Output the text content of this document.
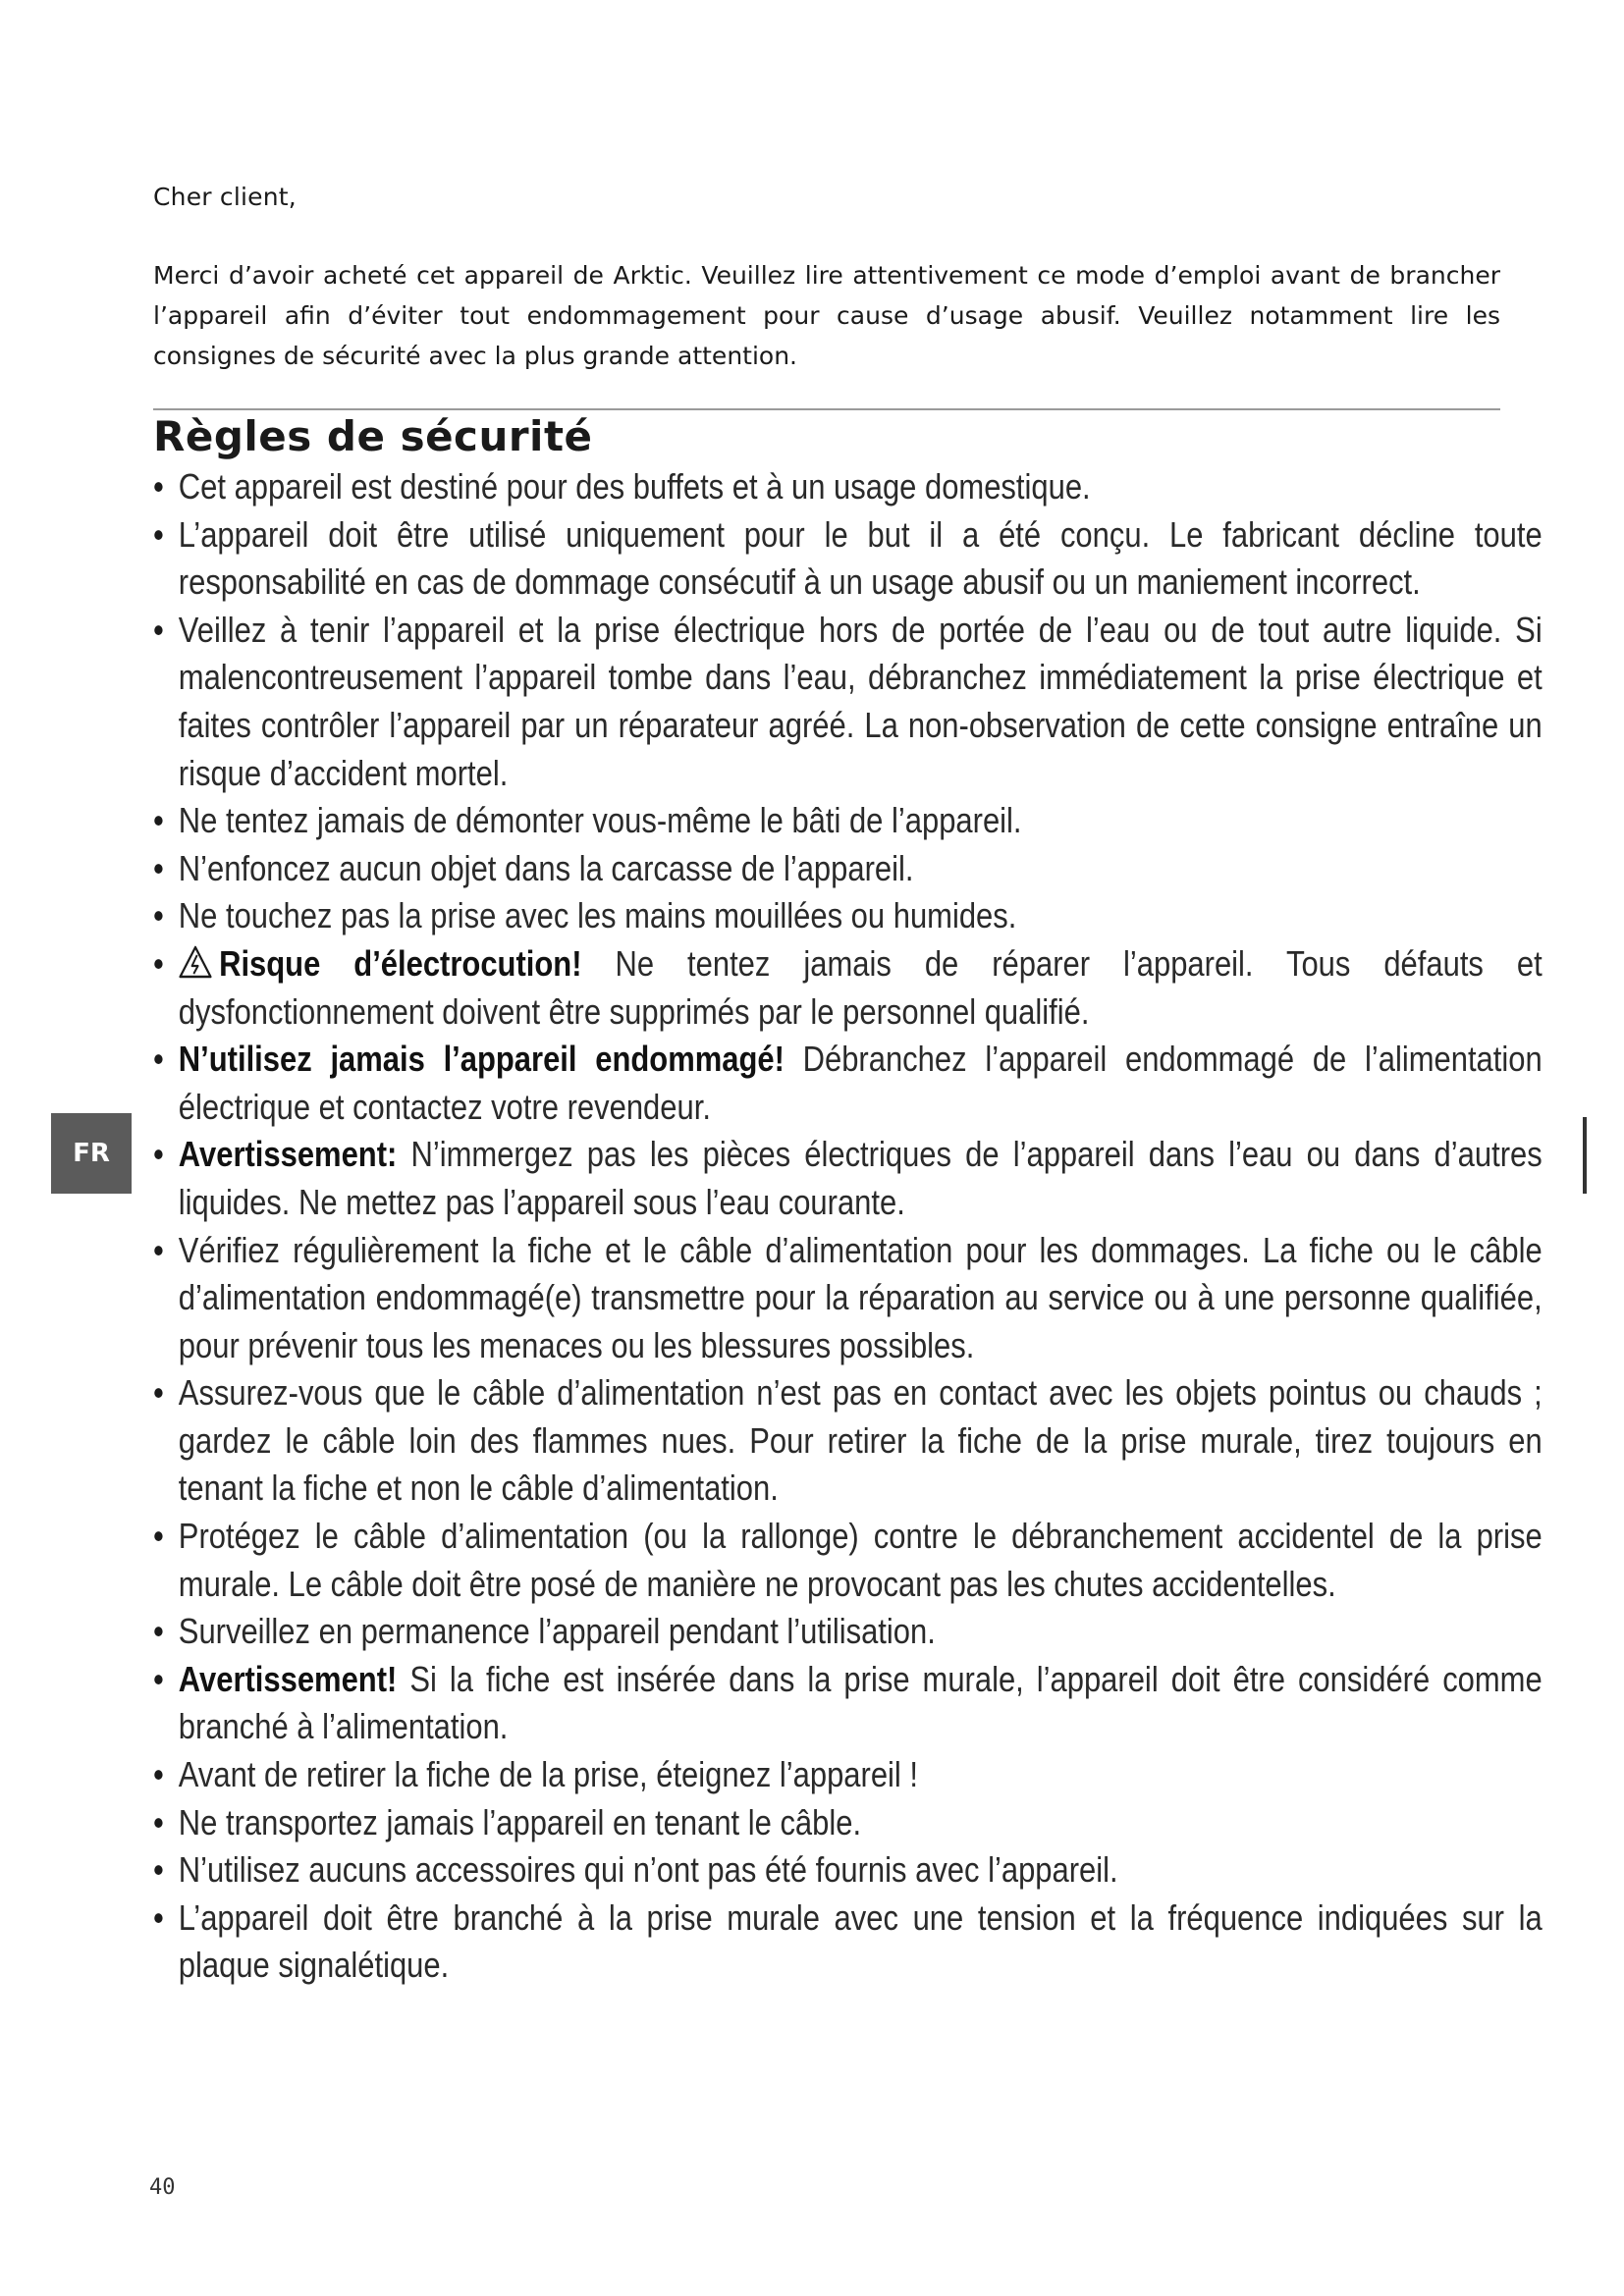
Cher client,

Merci d’avoir acheté cet appareil de Arktic. Veuillez lire attentivement ce mode d’emploi avant de brancher l’appareil afin d’éviter tout endommagement pour cause d’usage abusif. Veuillez notamment lire les consignes de sécurité avec la plus grande attention.

Règles de sécurité
• Cet appareil est destiné pour des buffets et à un usage domestique.
• L’appareil doit être utilisé uniquement pour le but il a été conçu. Le fabricant décline toute responsabilité en cas de dommage consécutif à un usage abusif ou un maniement incorrect.
• Veillez à tenir l’appareil et la prise électrique hors de portée de l’eau ou de tout autre liquide. Si malencontreusement l’appareil tombe dans l’eau, débranchez immédiatement la prise électrique et faites contrôler l’appareil par un réparateur agréé. La non-observation de cette consigne entraîne un risque d’accident mortel.
• Ne tentez jamais de démonter vous-même le bâti de l’appareil.
• N’enfoncez aucun objet dans la carcasse de l’appareil.
• Ne touchez pas la prise avec les mains mouillées ou humides.
• Risque d’électrocution! Ne tentez jamais de réparer l’appareil. Tous défauts et dysfonctionnement doivent être supprimés par le personnel qualifié.
• N’utilisez jamais l’appareil endommagé! Débranchez l’appareil endommagé de l’alimentation électrique et contactez votre revendeur.
• Avertissement: N’immergez pas les pièces électriques de l’appareil dans l’eau ou dans d’autres liquides. Ne mettez pas l’appareil sous l’eau courante.
• Vérifiez régulièrement la fiche et le câble d’alimentation pour les dommages. La fiche ou le câble d’alimentation endommagé(e) transmettre pour la réparation au service ou à une personne qualifiée, pour prévenir tous les menaces ou les blessures possibles.
• Assurez-vous que le câble d’alimentation n’est pas en contact avec les objets pointus ou chauds ; gardez le câble loin des flammes nues. Pour retirer la fiche de la prise murale, tirez toujours en tenant la fiche et non le câble d’alimentation.
• Protégez le câble d’alimentation (ou la rallonge) contre le débranchement accidentel de la prise murale. Le câble doit être posé de manière ne provocant pas les chutes accidentelles.
• Surveillez en permanence l’appareil pendant l’utilisation.
• Avertissement! Si la fiche est insérée dans la prise murale, l’appareil doit être considéré comme branché à l’alimentation.
• Avant de retirer la fiche de la prise, éteignez l’appareil !
• Ne transportez jamais l’appareil en tenant le câble.
• N’utilisez aucuns accessoires qui n’ont pas été fournis avec l’appareil.
• L’appareil doit être branché à la prise murale avec une tension et la fréquence indiquées sur la plaque signalétique.
FR
40
